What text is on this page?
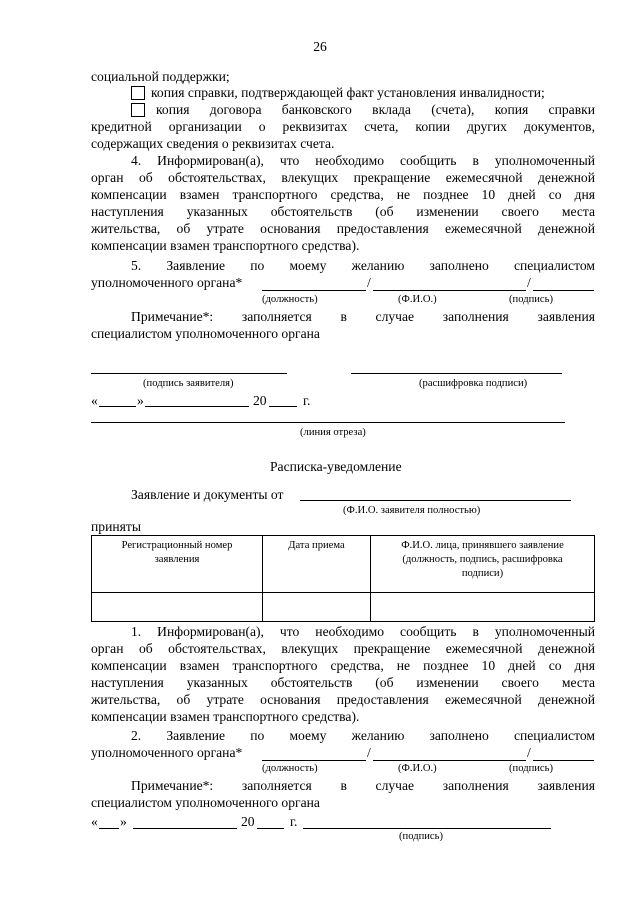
26
социальной поддержки;
копия справки, подтверждающей факт установления инвалидности;
копия договора банковского вклада (счета), копия справки
кредитной организации о реквизитах счета, копии других документов,
содержащих сведения о реквизитах счета.
4. Информирован(а), что необходимо сообщить в уполномоченный
орган об обстоятельствах, влекущих прекращение ежемесячной денежной
компенсации взамен транспортного средства, не позднее 10 дней со дня
наступления указанных обстоятельств (об изменении своего места
жительства, об утрате основания предоставления ежемесячной денежной
компенсации взамен транспортного средства).
5. Заявление по моему желанию заполнено специалистом
уполномоченного органа*	/	/
(должность)	(Ф.И.О.)	(подпись)
Примечание*: заполняется в случае заполнения заявления
специалистом уполномоченного органа
(подпись заявителя)	(расшифровка подписи)
«	»	20	г.
(линия отреза)
Расписка-уведомление
Заявление и документы от
(Ф.И.О. заявителя полностью)
приняты
Регистрационный номер заявления	Дата приема	Ф.И.О. лица, принявшего заявление (должность, подпись, расшифровка подписи)

1. Информирован(а), что необходимо сообщить в уполномоченный
орган об обстоятельствах, влекущих прекращение ежемесячной денежной
компенсации взамен транспортного средства, не позднее 10 дней со дня
наступления указанных обстоятельств (об изменении своего места
жительства, об утрате основания предоставления ежемесячной денежной
компенсации взамен транспортного средства).
2. Заявление по моему желанию заполнено специалистом
уполномоченного органа*	/	/
(должность)	(Ф.И.О.)	(подпись)
Примечание*: заполняется в случае заполнения заявления
специалистом уполномоченного органа
« »	20	г.
(подпись)
